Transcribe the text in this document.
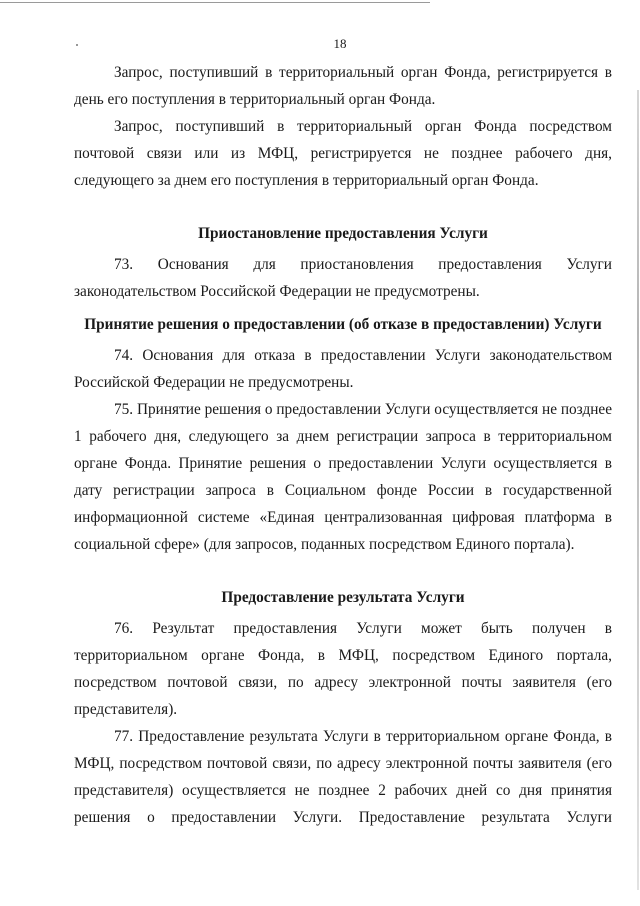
18

Запрос, поступивший в территориальный орган Фонда, регистрируется в день его поступления в территориальный орган Фонда.

Запрос, поступивший в территориальный орган Фонда посредством почтовой связи или из МФЦ, регистрируется не позднее рабочего дня, следующего за днем его поступления в территориальный орган Фонда.

Приостановление предоставления Услуги

73. Основания для приостановления предоставления Услуги законодательством Российской Федерации не предусмотрены.

Принятие решения о предоставлении (об отказе в предоставлении) Услуги

74. Основания для отказа в предоставлении Услуги законодательством Российской Федерации не предусмотрены.

75. Принятие решения о предоставлении Услуги осуществляется не позднее 1 рабочего дня, следующего за днем регистрации запроса в территориальном органе Фонда. Принятие решения о предоставлении Услуги осуществляется в дату регистрации запроса в Социальном фонде России в государственной информационной системе «Единая централизованная цифровая платформа в социальной сфере» (для запросов, поданных посредством Единого портала).

Предоставление результата Услуги

76. Результат предоставления Услуги может быть получен в территориальном органе Фонда, в МФЦ, посредством Единого портала, посредством почтовой связи, по адресу электронной почты заявителя (его представителя).

77. Предоставление результата Услуги в территориальном органе Фонда, в МФЦ, посредством почтовой связи, по адресу электронной почты заявителя (его представителя) осуществляется не позднее 2 рабочих дней со дня принятия решения о предоставлении Услуги. Предоставление результата Услуги
